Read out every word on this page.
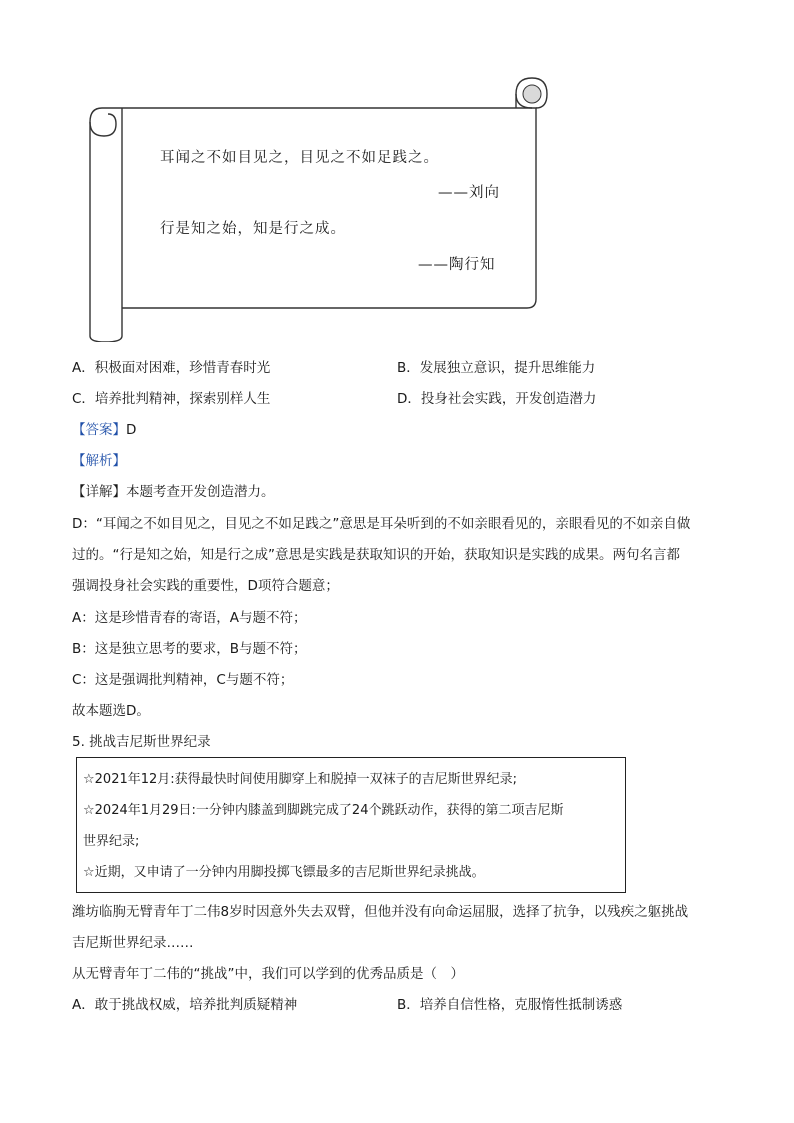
耳闻之不如目见之，目见之不如足践之。
——刘向
行是知之始，知是行之成。
——陶行知
A．积极面对困难，珍惜青春时光	B．发展独立意识，提升思维能力
C．培养批判精神，探索别样人生	D．投身社会实践，开发创造潜力
【答案】D
【解析】
【详解】本题考查开发创造潜力。
D：“耳闻之不如目见之，目见之不如足践之”意思是耳朵听到的不如亲眼看见的，亲眼看见的不如亲自做
过的。“行是知之始，知是行之成”意思是实践是获取知识的开始，获取知识是实践的成果。两句名言都
强调投身社会实践的重要性，D项符合题意；
A：这是珍惜青春的寄语，A与题不符；
B：这是独立思考的要求，B与题不符；
C：这是强调批判精神，C与题不符；
故本题选D。
5. 挑战吉尼斯世界纪录
☆2021年12月:获得最快时间使用脚穿上和脱掉一双袜子的吉尼斯世界纪录;
☆2024年1月29日:一分钟内膝盖到脚跳完成了24个跳跃动作，获得的第二项吉尼斯
世界纪录;
☆近期，又申请了一分钟内用脚投掷飞镖最多的吉尼斯世界纪录挑战。
潍坊临朐无臂青年丁二伟8岁时因意外失去双臂，但他并没有向命运屈服，选择了抗争，以残疾之躯挑战
吉尼斯世界纪录……
从无臂青年丁二伟的“挑战”中，我们可以学到的优秀品质是（　）
A．敢于挑战权威，培养批判质疑精神	B．培养自信性格，克服惰性抵制诱惑
